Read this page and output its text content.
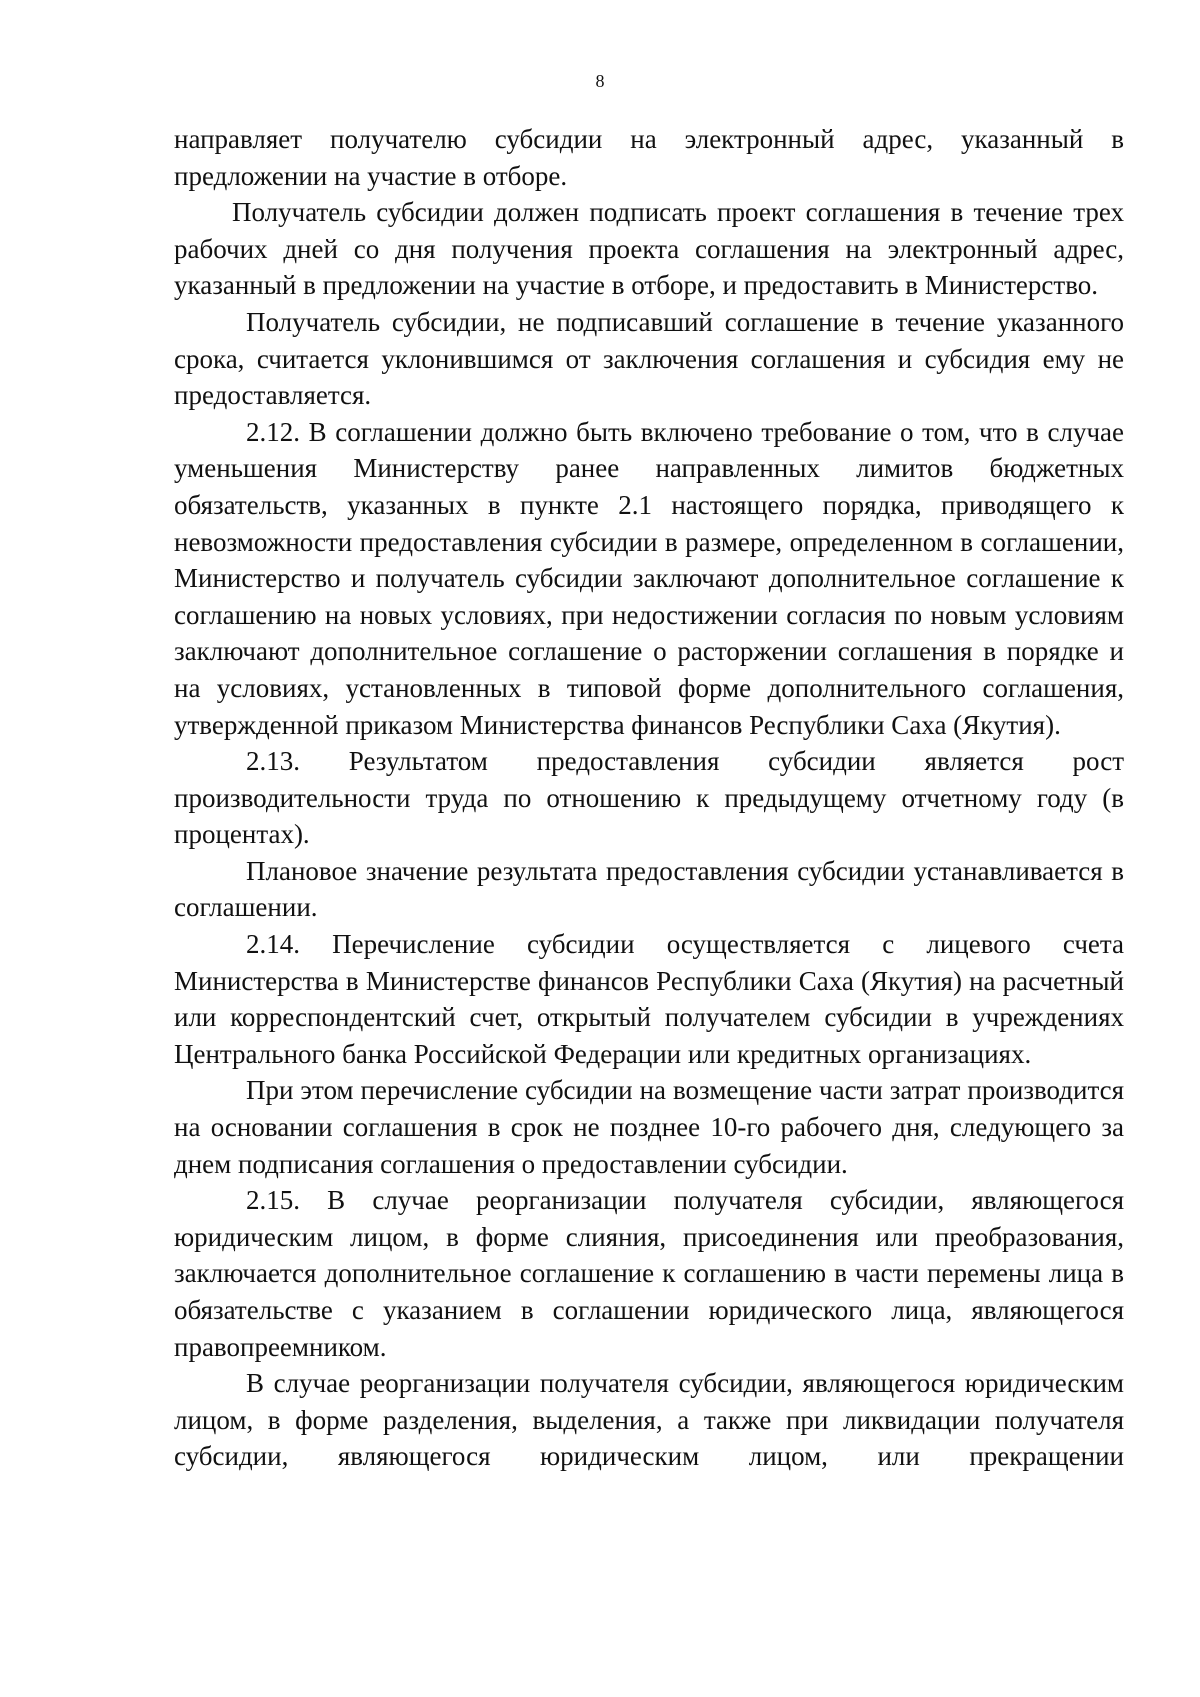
8

направляет получателю субсидии на электронный адрес, указанный в предложении на участие в отборе.

Получатель субсидии должен подписать проект соглашения в течение трех рабочих дней со дня получения проекта соглашения на электронный адрес, указанный в предложении на участие в отборе, и предоставить в Министерство.

Получатель субсидии, не подписавший соглашение в течение указанного срока, считается уклонившимся от заключения соглашения и субсидия ему не предоставляется.

2.12. В соглашении должно быть включено требование о том, что в случае уменьшения Министерству ранее направленных лимитов бюджетных обязательств, указанных в пункте 2.1 настоящего порядка, приводящего к невозможности предоставления субсидии в размере, определенном в соглашении, Министерство и получатель субсидии заключают дополнительное соглашение к соглашению на новых условиях, при недостижении согласия по новым условиям заключают дополнительное соглашение о расторжении соглашения в порядке и на условиях, установленных в типовой форме дополнительного соглашения, утвержденной приказом Министерства финансов Республики Саха (Якутия).

2.13. Результатом предоставления субсидии является рост производительности труда по отношению к предыдущему отчетному году (в процентах).

Плановое значение результата предоставления субсидии устанавливается в соглашении.

2.14. Перечисление субсидии осуществляется с лицевого счета Министерства в Министерстве финансов Республики Саха (Якутия) на расчетный или корреспондентский счет, открытый получателем субсидии в учреждениях Центрального банка Российской Федерации или кредитных организациях.

При этом перечисление субсидии на возмещение части затрат производится на основании соглашения в срок не позднее 10-го рабочего дня, следующего за днем подписания соглашения о предоставлении субсидии.

2.15. В случае реорганизации получателя субсидии, являющегося юридическим лицом, в форме слияния, присоединения или преобразования, заключается дополнительное соглашение к соглашению в части перемены лица в обязательстве с указанием в соглашении юридического лица, являющегося правопреемником.

В случае реорганизации получателя субсидии, являющегося юридическим лицом, в форме разделения, выделения, а также при ликвидации получателя субсидии, являющегося юридическим лицом, или прекращении
